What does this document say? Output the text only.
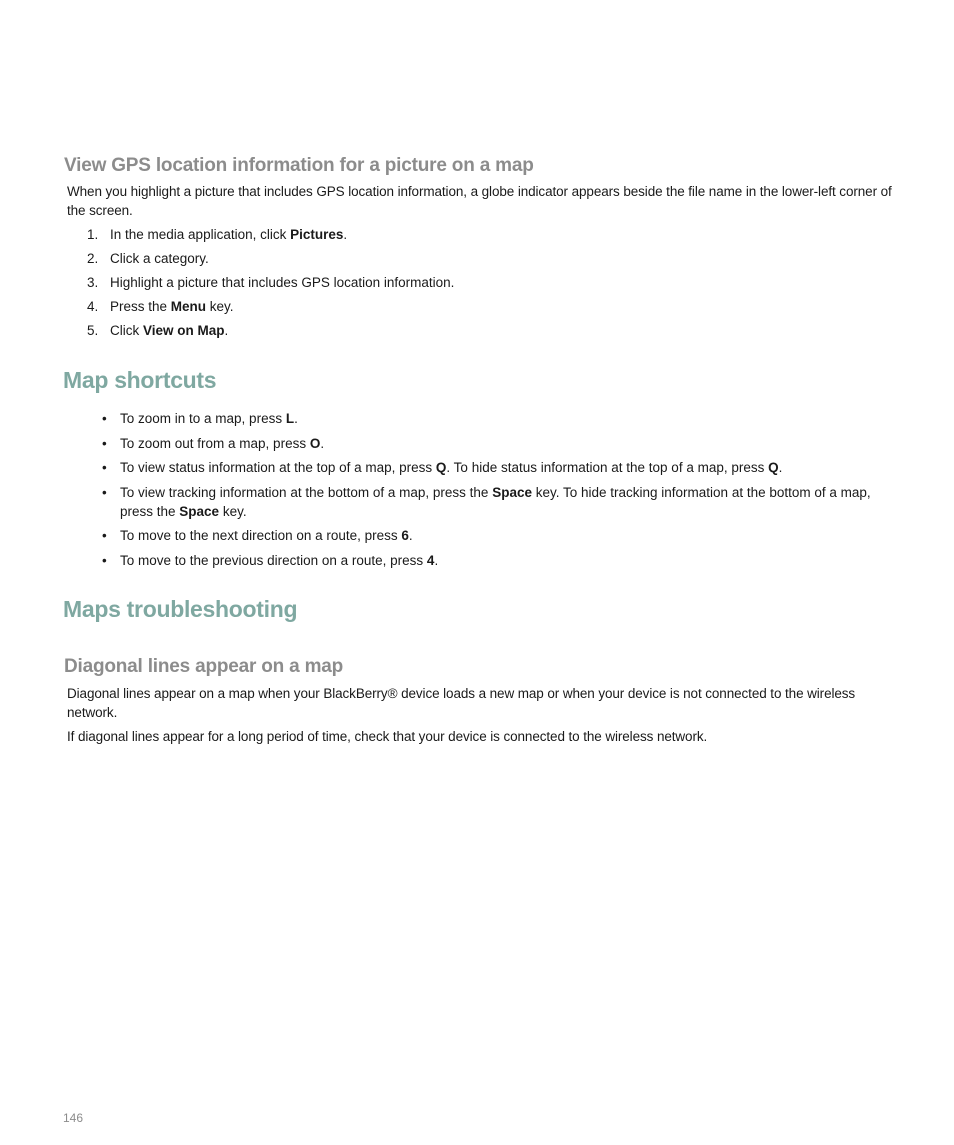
View GPS location information for a picture on a map

When you highlight a picture that includes GPS location information, a globe indicator appears beside the file name in the lower-left corner of the screen.

1. In the media application, click Pictures.
2. Click a category.
3. Highlight a picture that includes GPS location information.
4. Press the Menu key.
5. Click View on Map.
Map shortcuts
• To zoom in to a map, press L.
• To zoom out from a map, press O.
• To view status information at the top of a map, press Q. To hide status information at the top of a map, press Q.
• To view tracking information at the bottom of a map, press the Space key. To hide tracking information at the bottom of a map, press the Space key.
• To move to the next direction on a route, press 6.
• To move to the previous direction on a route, press 4.
Maps troubleshooting
Diagonal lines appear on a map

Diagonal lines appear on a map when your BlackBerry® device loads a new map or when your device is not connected to the wireless network.

If diagonal lines appear for a long period of time, check that your device is connected to the wireless network.

146
